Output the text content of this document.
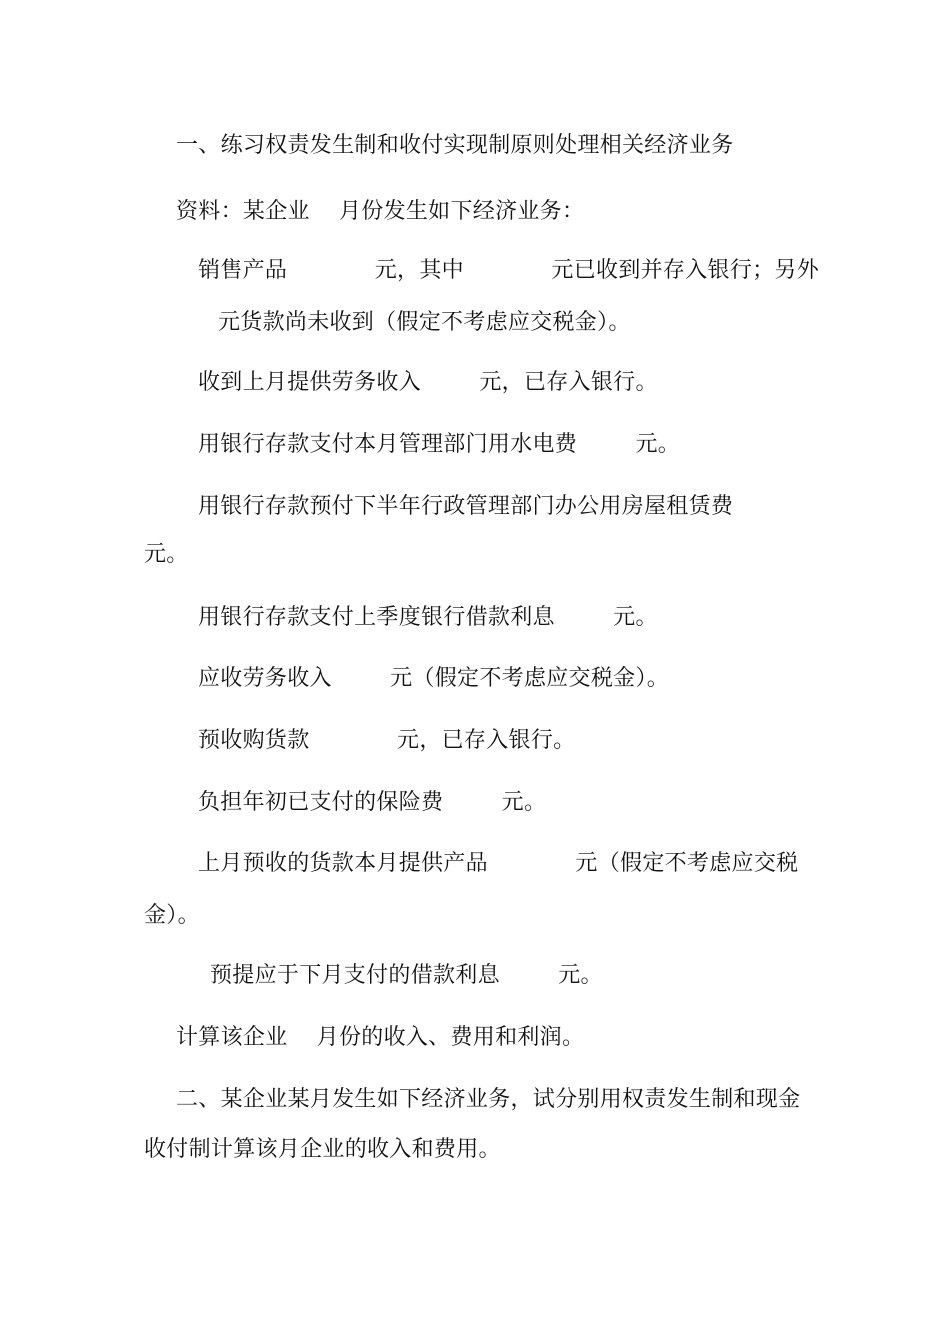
一、练习权责发生制和收付实现制原则处理相关经济业务
资料：某企业    月份发生如下经济业务：
销售产品            元，其中            元已收到并存入银行；另外
元货款尚未收到（假定不考虑应交税金）。
收到上月提供劳务收入        元，已存入银行。
用银行存款支付本月管理部门用水电费        元。
用银行存款预付下半年行政管理部门办公用房屋租赁费
元。
用银行存款支付上季度银行借款利息        元。
应收劳务收入        元（假定不考虑应交税金）。
预收购货款            元，已存入银行。
负担年初已支付的保险费        元。
上月预收的货款本月提供产品            元（假定不考虑应交税
金）。
预提应于下月支付的借款利息        元。
计算该企业    月份的收入、费用和利润。
二、某企业某月发生如下经济业务，试分别用权责发生制和现金
收付制计算该月企业的收入和费用。
